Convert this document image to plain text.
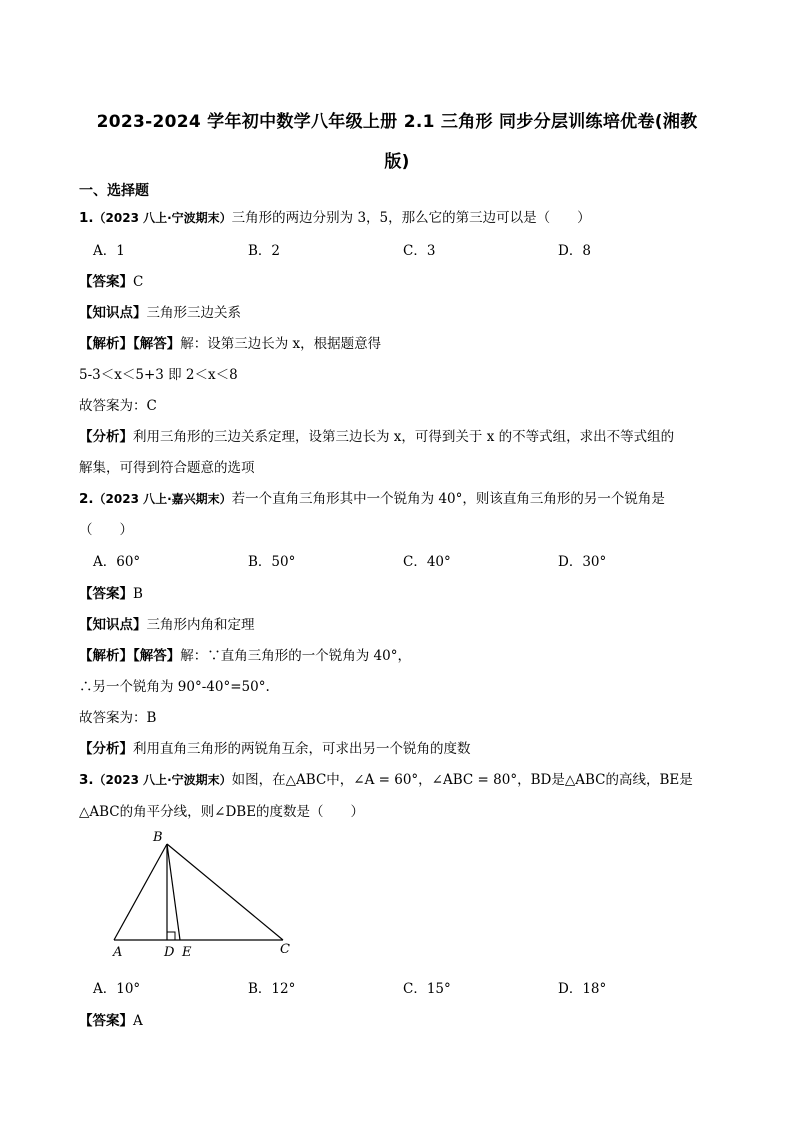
2023-2024 学年初中数学八年级上册 2.1 三角形 同步分层训练培优卷(湘教
版)
一、选择题
1.（2023 八上·宁波期末）三角形的两边分别为 3，5，那么它的第三边可以是（　　）
A．1	B．2	C．3	D．8
【答案】C
【知识点】三角形三边关系
【解析】【解答】解：设第三边长为 x，根据题意得
5-3＜x＜5+3 即 2＜x＜8
故答案为：C
【分析】利用三角形的三边关系定理，设第三边长为 x，可得到关于 x 的不等式组，求出不等式组的
解集，可得到符合题意的选项
2.（2023 八上·嘉兴期末）若一个直角三角形其中一个锐角为 40°，则该直角三角形的另一个锐角是
（　　）
A．60°	B．50°	C．40°	D．30°
【答案】B
【知识点】三角形内角和定理
【解析】【解答】解：∵直角三角形的一个锐角为 40°，
∴另一个锐角为 90°-40°=50°.
故答案为：B
【分析】利用直角三角形的两锐角互余，可求出另一个锐角的度数
3.（2023 八上·宁波期末）如图，在△ABC中，∠A = 60°，∠ABC = 80°，BD是△ABC的高线，BE是
△ABC的角平分线，则∠DBE的度数是（　　）
B
A	D E	C
A．10°	B．12°	C．15°	D．18°
【答案】A
